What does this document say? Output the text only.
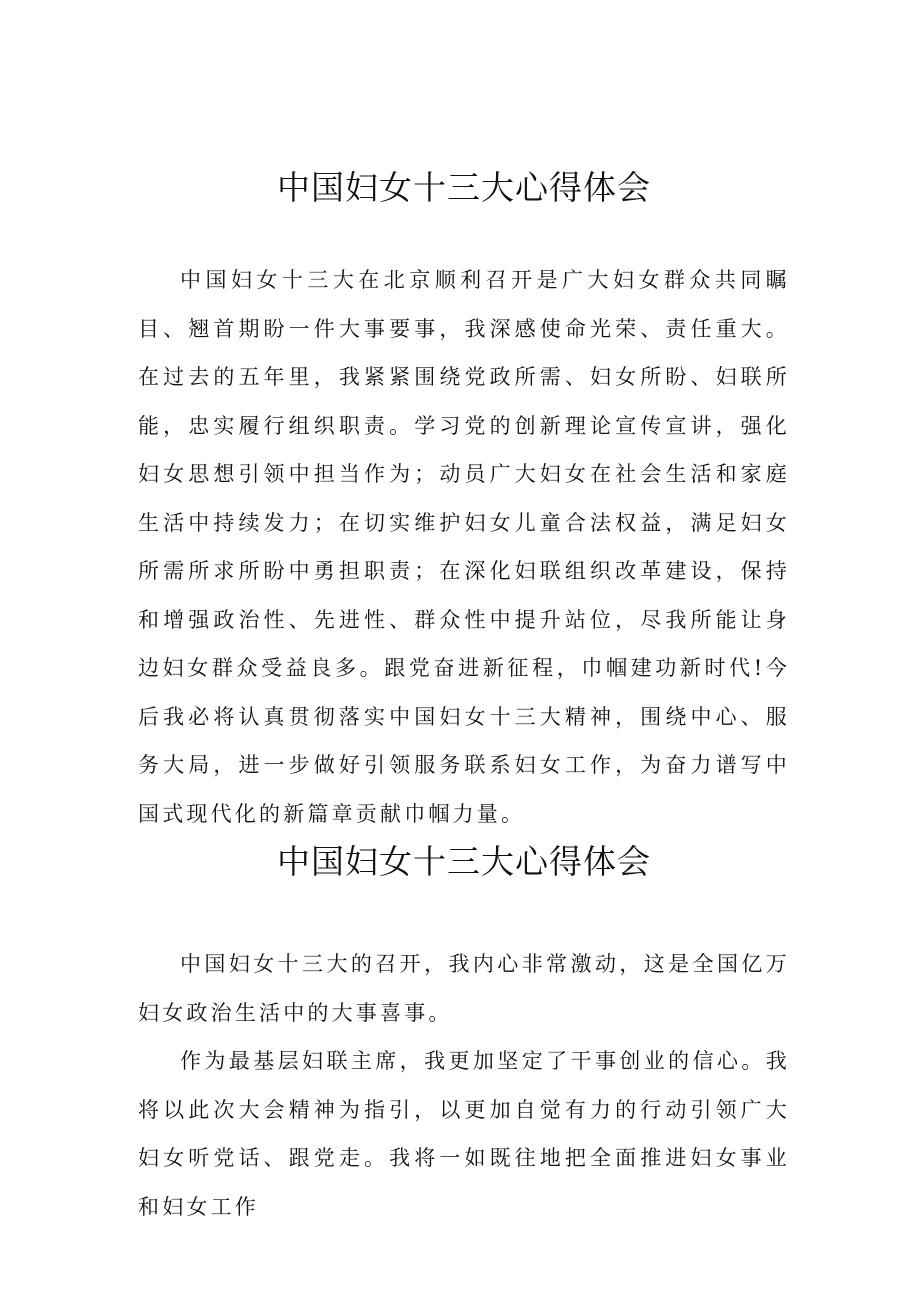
中国妇女十三大心得体会

中国妇女十三大在北京顺利召开是广大妇女群众共同瞩目、翘首期盼一件大事要事，我深感使命光荣、责任重大。在过去的五年里，我紧紧围绕党政所需、妇女所盼、妇联所能，忠实履行组织职责。学习党的创新理论宣传宣讲，强化妇女思想引领中担当作为；动员广大妇女在社会生活和家庭生活中持续发力；在切实维护妇女儿童合法权益，满足妇女所需所求所盼中勇担职责；在深化妇联组织改革建设，保持和增强政治性、先进性、群众性中提升站位，尽我所能让身边妇女群众受益良多。跟党奋进新征程，巾帼建功新时代!今后我必将认真贯彻落实中国妇女十三大精神，围绕中心、服务大局，进一步做好引领服务联系妇女工作，为奋力谱写中国式现代化的新篇章贡献巾帼力量。

中国妇女十三大心得体会

中国妇女十三大的召开，我内心非常激动，这是全国亿万妇女政治生活中的大事喜事。

作为最基层妇联主席，我更加坚定了干事创业的信心。我将以此次大会精神为指引，以更加自觉有力的行动引领广大妇女听党话、跟党走。我将一如既往地把全面推进妇女事业和妇女工作
